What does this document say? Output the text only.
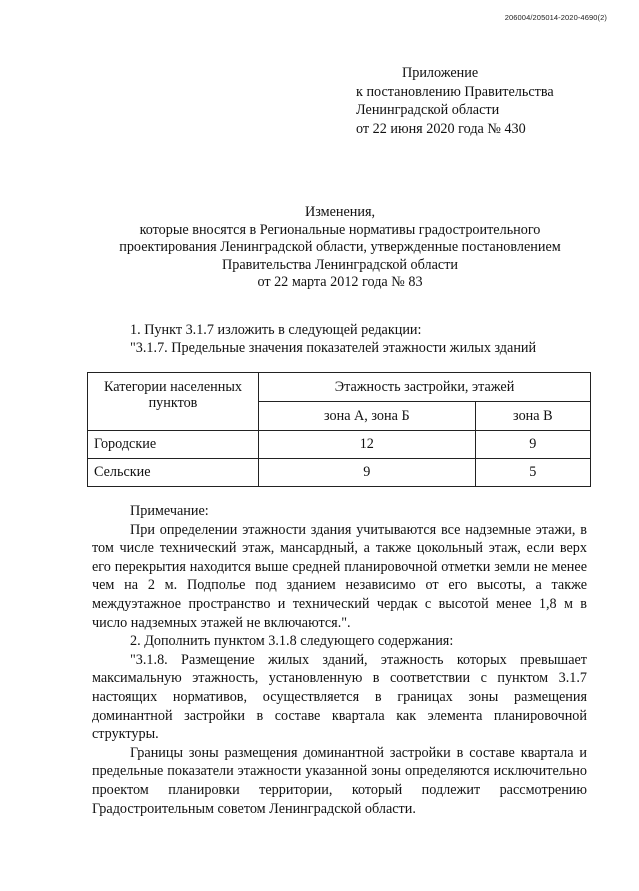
206004/205014-2020-4690(2)
Приложение
к постановлению Правительства
Ленинградской области
от 22 июня 2020 года № 430
Изменения,
которые вносятся в Региональные нормативы градостроительного
проектирования Ленинградской области, утвержденные постановлением
Правительства Ленинградской области
от 22 марта 2012 года № 83
1. Пункт 3.1.7 изложить в следующей редакции:
"3.1.7. Предельные значения показателей этажности жилых зданий
Категории населенных пунктов	Этажность застройки, этажей	
	зона А, зона Б	зона В
Городские	12	9
Сельские	9	5

Примечание:

При определении этажности здания учитываются все надземные этажи, в том числе технический этаж, мансардный, а также цокольный этаж, если верх его перекрытия находится выше средней планировочной отметки земли не менее чем на 2 м. Подполье под зданием независимо от его высоты, а также междуэтажное пространство и технический чердак с высотой менее 1,8 м в число надземных этажей не включаются.".

2. Дополнить пунктом 3.1.8 следующего содержания:

"3.1.8. Размещение жилых зданий, этажность которых превышает максимальную этажность, установленную в соответствии с пунктом 3.1.7 настоящих нормативов, осуществляется в границах зоны размещения доминантной застройки в составе квартала как элемента планировочной структуры.

Границы зоны размещения доминантной застройки в составе квартала и предельные показатели этажности указанной зоны определяются исключительно проектом планировки территории, который подлежит рассмотрению Градостроительным советом Ленинградской области.
